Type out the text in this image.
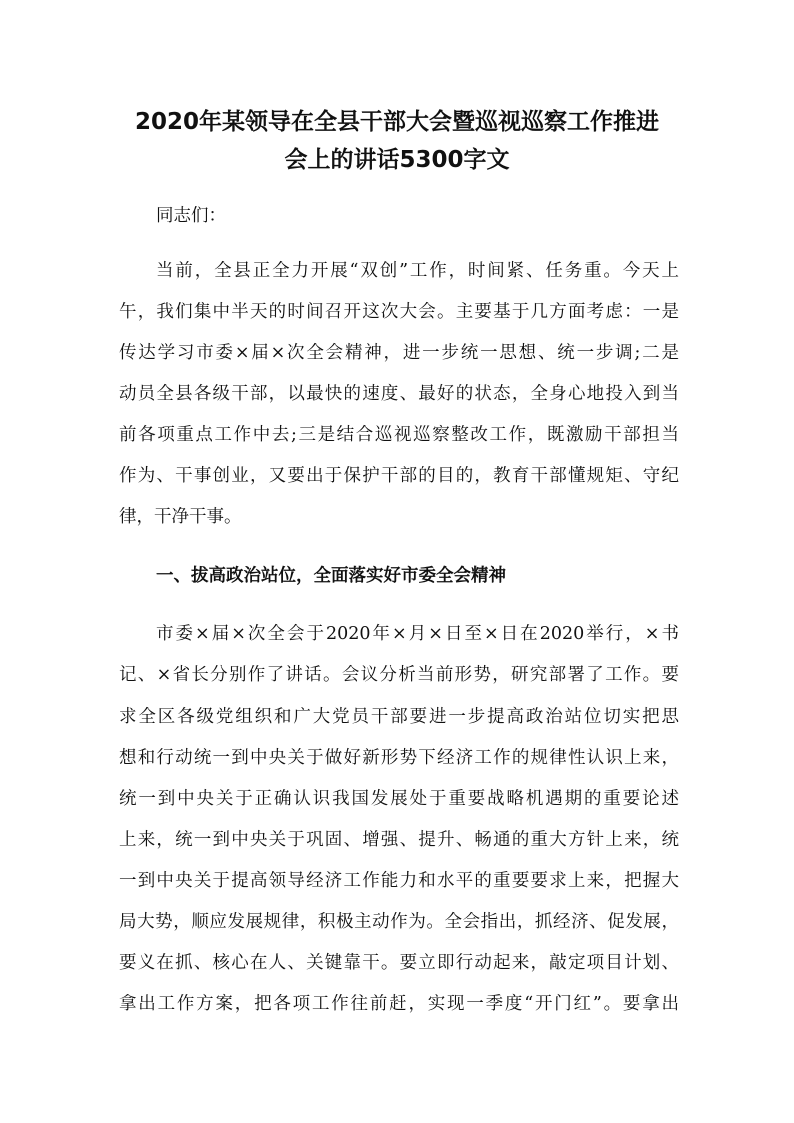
2020年某领导在全县干部大会暨巡视巡察工作推进
会上的讲话5300字文

同志们：

当前，全县正全力开展“双创”工作，时间紧、任务重。今天上

午，我们集中半天的时间召开这次大会。主要基于几方面考虑：一是

传达学习市委×届×次全会精神，进一步统一思想、统一步调;二是

动员全县各级干部，以最快的速度、最好的状态，全身心地投入到当

前各项重点工作中去;三是结合巡视巡察整改工作，既激励干部担当

作为、干事创业，又要出于保护干部的目的，教育干部懂规矩、守纪

律，干净干事。

一、拔高政治站位，全面落实好市委全会精神

市委×届×次全会于2020年×月×日至×日在2020举行，×书

记、×省长分别作了讲话。会议分析当前形势，研究部署了工作。要

求全区各级党组织和广大党员干部要进一步提高政治站位切实把思

想和行动统一到中央关于做好新形势下经济工作的规律性认识上来，

统一到中央关于正确认识我国发展处于重要战略机遇期的重要论述

上来，统一到中央关于巩固、增强、提升、畅通的重大方针上来，统

一到中央关于提高领导经济工作能力和水平的重要要求上来，把握大

局大势，顺应发展规律，积极主动作为。全会指出，抓经济、促发展，

要义在抓、核心在人、关键靠干。要立即行动起来，敲定项目计划、

拿出工作方案，把各项工作往前赶，实现一季度“开门红”。要拿出
